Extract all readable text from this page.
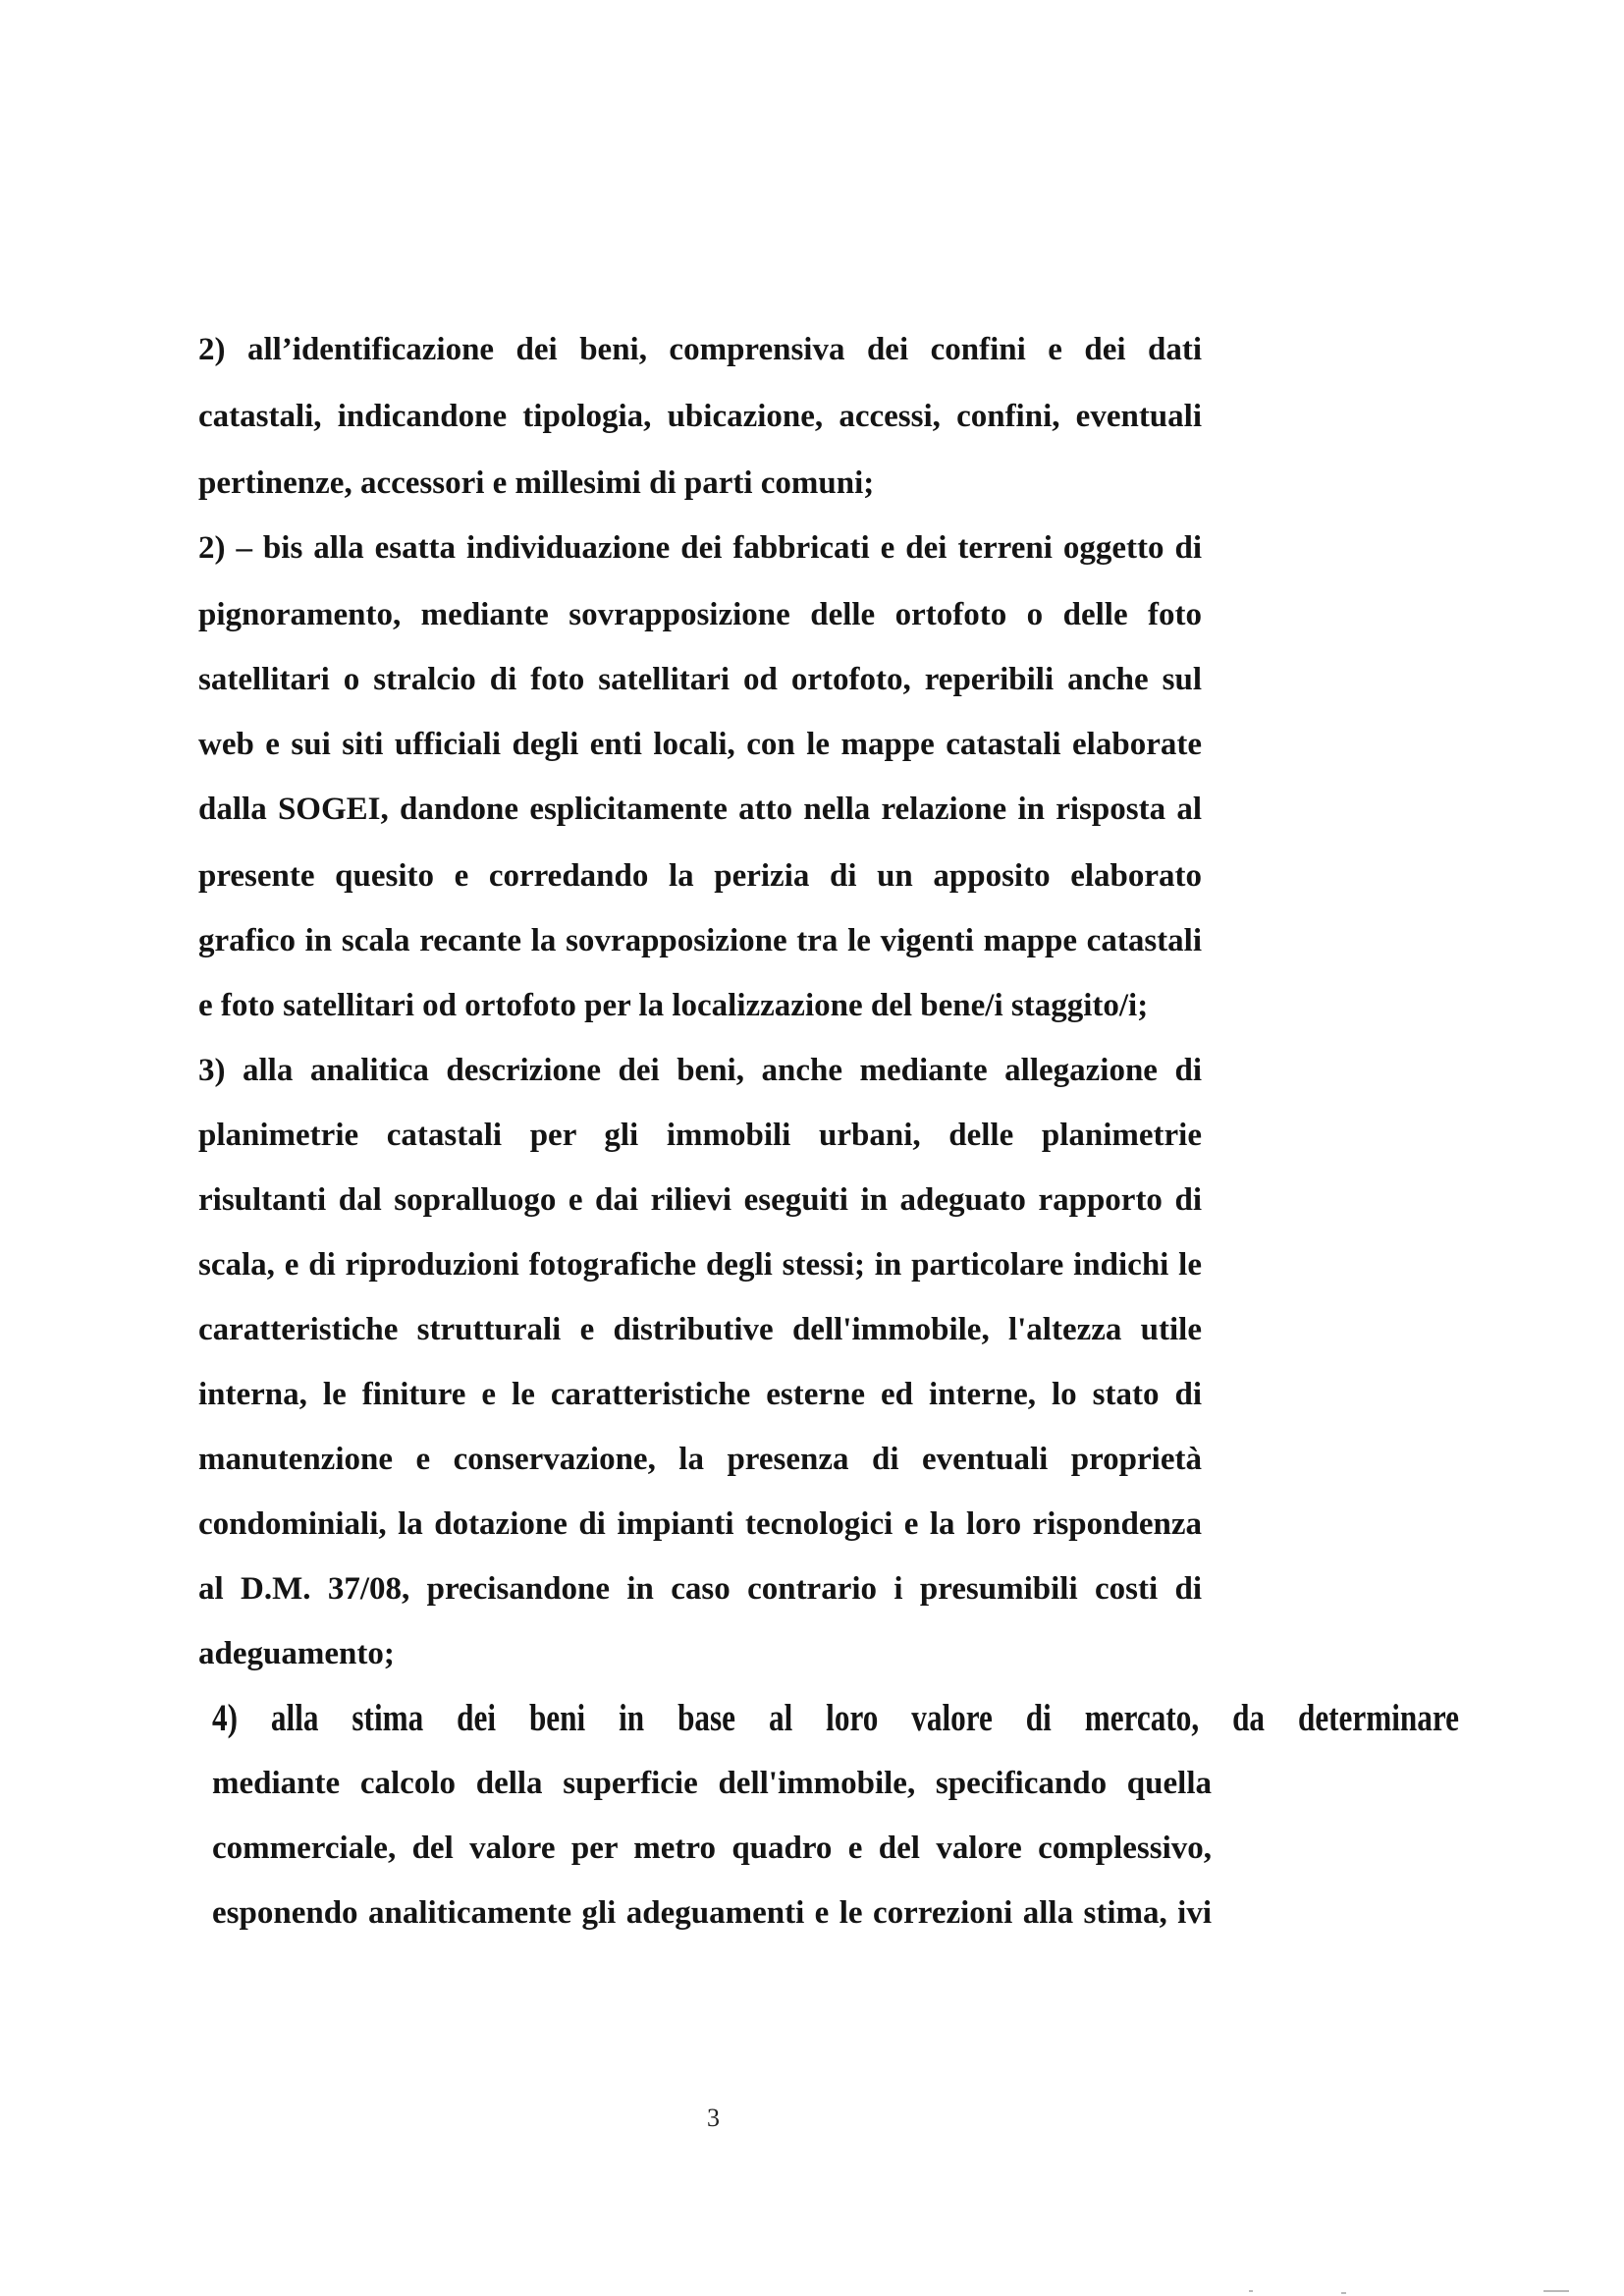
2) all’identificazione dei beni, comprensiva dei confini e dei dati
catastali, indicandone tipologia, ubicazione, accessi, confini, eventuali
pertinenze, accessori e millesimi di parti comuni;
2) – bis alla esatta individuazione dei fabbricati e dei terreni oggetto di
pignoramento, mediante sovrapposizione delle ortofoto o delle foto
satellitari o stralcio di foto satellitari od ortofoto, reperibili anche sul
web e sui siti ufficiali degli enti locali, con le mappe catastali elaborate
dalla SOGEI, dandone esplicitamente atto nella relazione in risposta al
presente quesito e corredando la perizia di un apposito elaborato
grafico in scala recante la sovrapposizione tra le vigenti mappe catastali
e foto satellitari od ortofoto per la localizzazione del bene/i staggito/i;
3) alla analitica descrizione dei beni, anche mediante allegazione di
planimetrie catastali per gli immobili urbani, delle planimetrie
risultanti dal sopralluogo e dai rilievi eseguiti in adeguato rapporto di
scala, e di riproduzioni fotografiche degli stessi; in particolare indichi le
caratteristiche strutturali e distributive dell'immobile, l'altezza utile
interna, le finiture e le caratteristiche esterne ed interne, lo stato di
manutenzione e conservazione, la presenza di eventuali proprietà
condominiali, la dotazione di impianti tecnologici e la loro rispondenza
al D.M. 37/08, precisandone in caso contrario i presumibili costi di
adeguamento;
4) alla stima dei beni in base al loro valore di mercato, da determinare
mediante calcolo della superficie dell'immobile, specificando quella
commerciale, del valore per metro quadro e del valore complessivo,
esponendo analiticamente gli adeguamenti e le correzioni alla stima, ivi
3
